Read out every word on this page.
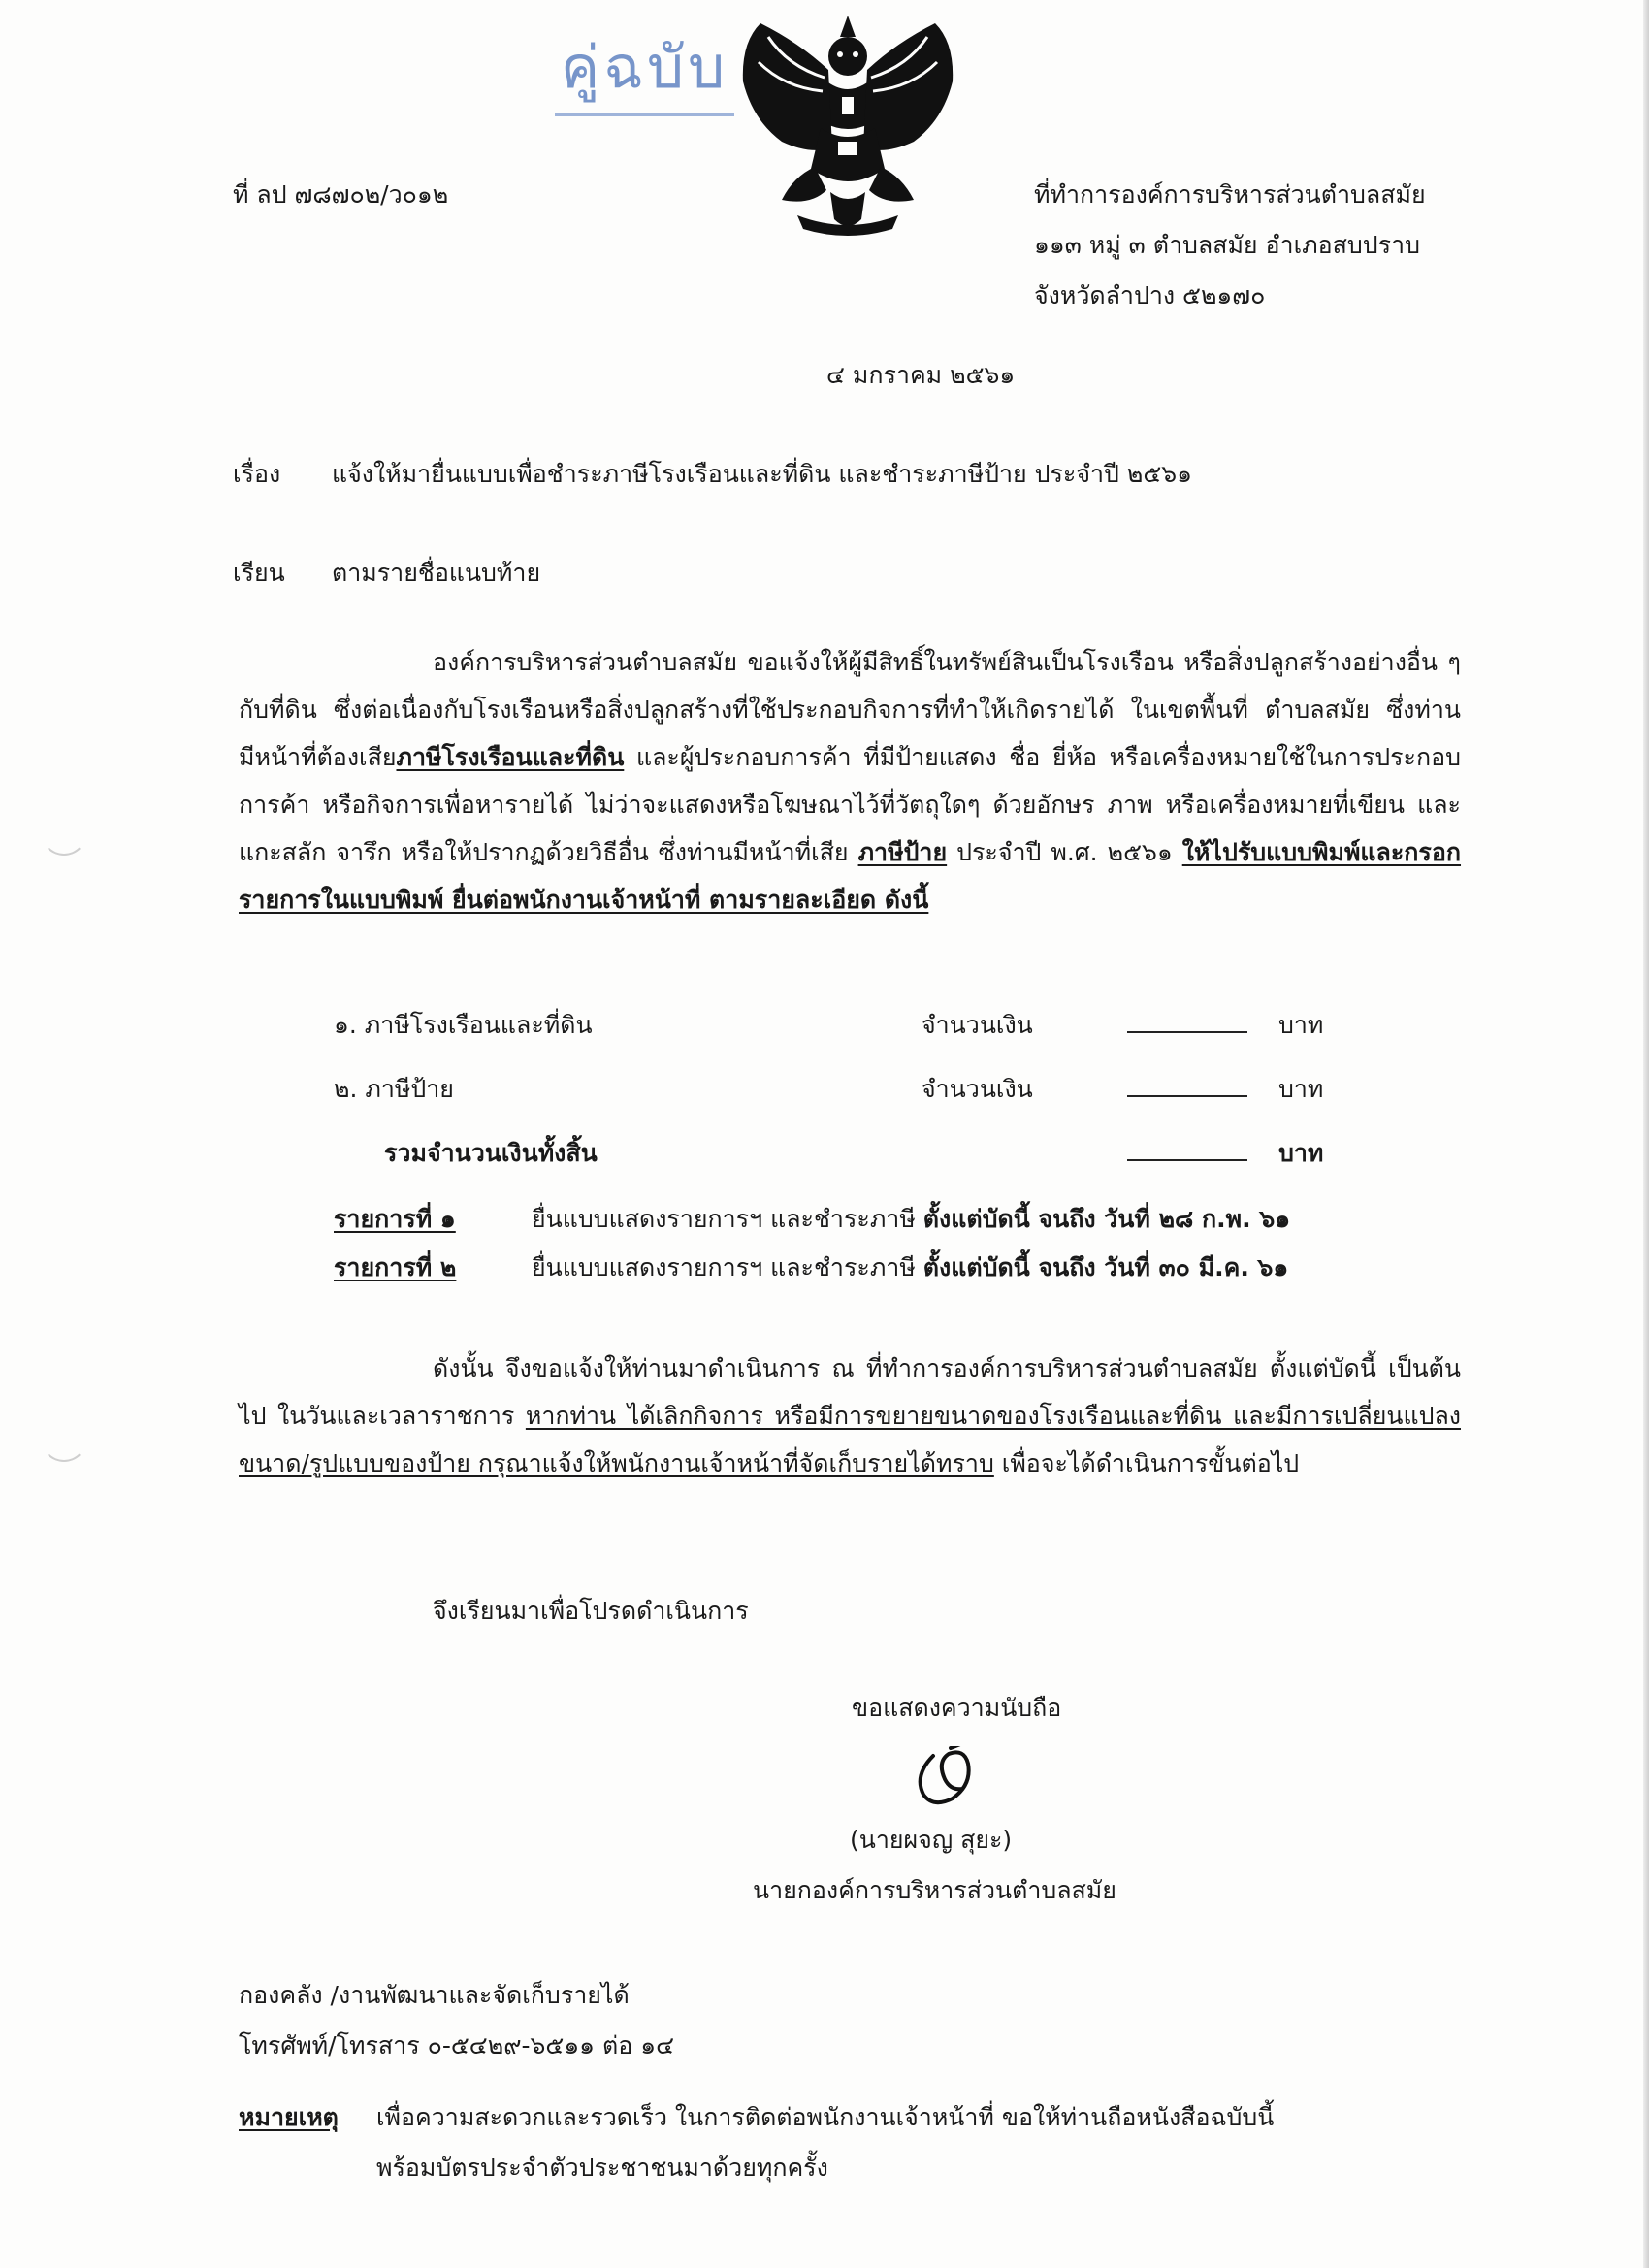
คู่ฉบับ
ที่ ลป ๗๘๗๐๒/ว๐๑๒	ที่ทำการองค์การบริหารส่วนตำบลสมัย
๑๑๓ หมู่ ๓ ตำบลสมัย อำเภอสบปราบ
จังหวัดลำปาง ๕๒๑๗๐
๔ มกราคม ๒๕๖๑
เรื่อง แจ้งให้มายื่นแบบเพื่อชำระภาษีโรงเรือนและที่ดิน และชำระภาษีป้าย ประจำปี ๒๕๖๑
เรียน ตามรายชื่อแนบท้าย

องค์การบริหารส่วนตำบลสมัย ขอแจ้งให้ผู้มีสิทธิ์ในทรัพย์สินเป็นโรงเรือน หรือสิ่งปลูกสร้างอย่างอื่น ๆ กับที่ดิน ซึ่งต่อเนื่องกับโรงเรือนหรือสิ่งปลูกสร้างที่ใช้ประกอบกิจการที่ทำให้เกิดรายได้ ในเขตพื้นที่ ตำบลสมัย ซึ่งท่านมีหน้าที่ต้องเสียภาษีโรงเรือนและที่ดิน และผู้ประกอบการค้า ที่มีป้ายแสดง ชื่อ ยี่ห้อ หรือเครื่องหมายใช้ในการประกอบการค้า หรือกิจการเพื่อหารายได้ ไม่ว่าจะแสดงหรือโฆษณาไว้ที่วัตถุใดๆ ด้วยอักษร ภาพ หรือเครื่องหมายที่เขียน และแกะสลัก จารึก หรือให้ปรากฏด้วยวิธีอื่น ซึ่งท่านมีหน้าที่เสีย ภาษีป้าย ประจำปี พ.ศ. ๒๕๖๑ ให้ไปรับแบบพิมพ์และกรอกรายการในแบบพิมพ์ ยื่นต่อพนักงานเจ้าหน้าที่ ตามรายละเอียด ดังนี้

๑. ภาษีโรงเรือนและที่ดิน	จำนวนเงิน	บาท
๒. ภาษีป้าย	จำนวนเงิน	บาท
รวมจำนวนเงินทั้งสิ้น	บาท
รายการที่ ๑	ยื่นแบบแสดงรายการฯ และชำระภาษี ตั้งแต่บัดนี้ จนถึง วันที่ ๒๘ ก.พ. ๖๑
รายการที่ ๒	ยื่นแบบแสดงรายการฯ และชำระภาษี ตั้งแต่บัดนี้ จนถึง วันที่ ๓๐ มี.ค. ๖๑

ดังนั้น จึงขอแจ้งให้ท่านมาดำเนินการ ณ ที่ทำการองค์การบริหารส่วนตำบลสมัย ตั้งแต่บัดนี้ เป็นต้นไป ในวันและเวลาราชการ หากท่าน ได้เลิกกิจการ หรือมีการขยายขนาดของโรงเรือนและที่ดิน และมีการเปลี่ยนแปลงขนาด/รูปแบบของป้าย กรุณาแจ้งให้พนักงานเจ้าหน้าที่จัดเก็บรายได้ทราบ เพื่อจะได้ดำเนินการขั้นต่อไป

จึงเรียนมาเพื่อโปรดดำเนินการ
ขอแสดงความนับถือ
(นายผจญ สุยะ)
นายกองค์การบริหารส่วนตำบลสมัย
กองคลัง /งานพัฒนาและจัดเก็บรายได้
โทรศัพท์/โทรสาร ๐-๕๔๒๙-๖๕๑๑ ต่อ ๑๔
หมายเหตุ เพื่อความสะดวกและรวดเร็ว ในการติดต่อพนักงานเจ้าหน้าที่ ขอให้ท่านถือหนังสือฉบับนี้
พร้อมบัตรประจำตัวประชาชนมาด้วยทุกครั้ง
